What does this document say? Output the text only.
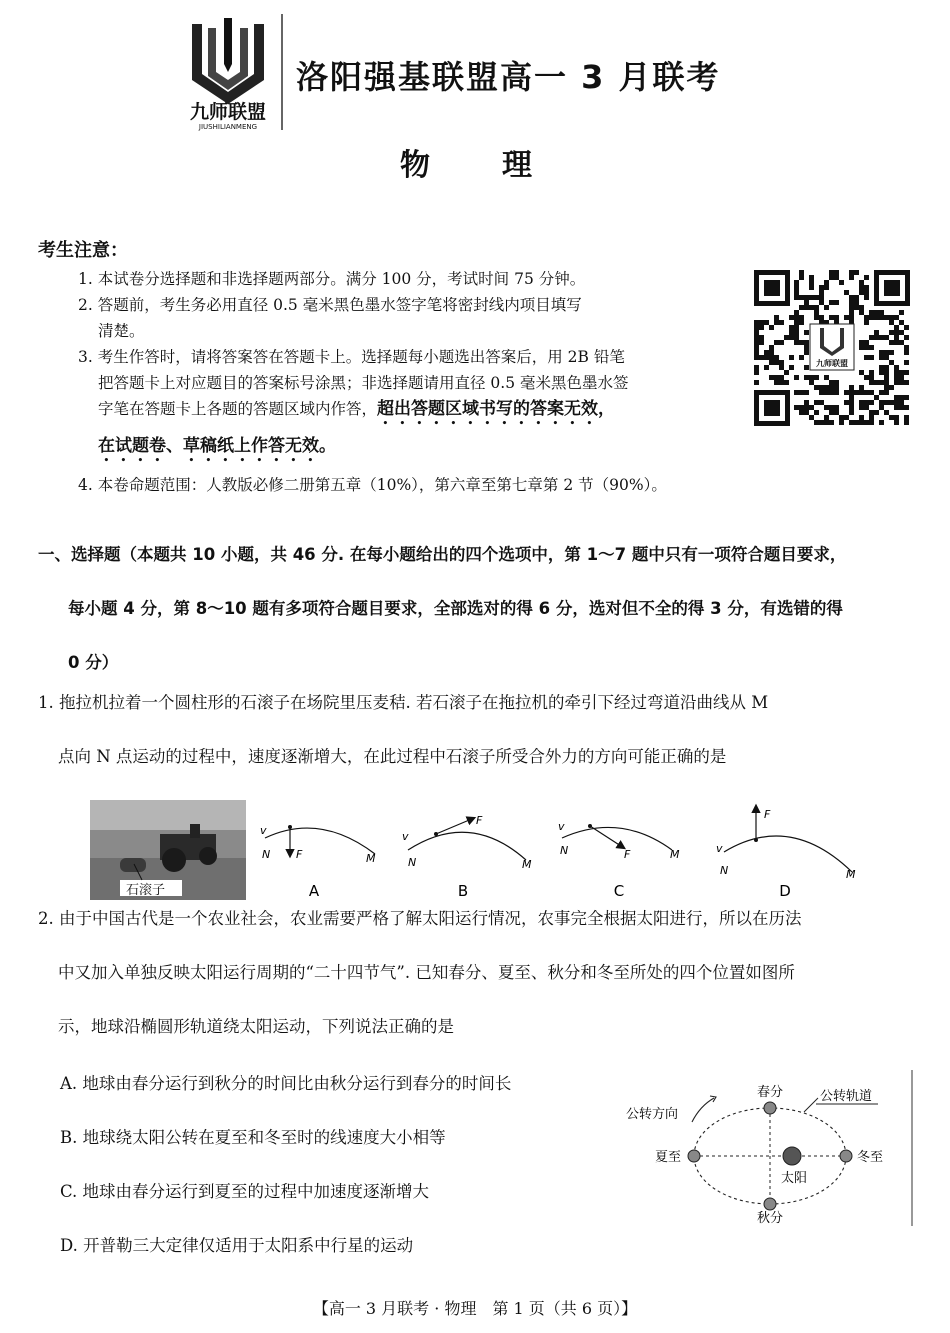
九师联盟
JIUSHILIANMENG
洛阳强基联盟高一 3 月联考
物理
考生注意：

1. 本试卷分选择题和非选择题两部分。满分 100 分，考试时间 75 分钟。

2. 答题前，考生务必用直径 0.5 毫米黑色墨水签字笔将密封线内项目填写

清楚。

3. 考生作答时，请将答案答在答题卡上。选择题每小题选出答案后，用 2B 铅笔

把答题卡上对应题目的答案标号涂黑；非选择题请用直径 0.5 毫米黑色墨水签

字笔在答题卡上各题的答题区域内作答，超出答题区域书写的答案无效，

在试题卷、草稿纸上作答无效。

4. 本卷命题范围：人教版必修二册第五章（10%），第六章至第七章第 2 节（90%）。

九师联盟
一、选择题（本题共 10 小题，共 46 分. 在每小题给出的四个选项中，第 1～7 题中只有一项符合题目要求，
每小题 4 分，第 8～10 题有多项符合题目要求，全部选对的得 6 分，选对但不全的得 3 分，有选错的得
0 分）

1. 拖拉机拉着一个圆柱形的石滚子在场院里压麦秸. 若石滚子在拖拉机的牵引下经过弯道沿曲线从 M

点向 N 点运动的过程中，速度逐渐增大，在此过程中石滚子所受合外力的方向可能正确的是

石滚子
v
N F	M
A
v
N
F
M
B
v
N	F	M
C
v
N
F
M
D

2. 由于中国古代是一个农业社会，农业需要严格了解太阳运行情况，农事完全根据太阳进行，所以在历法

中又加入单独反映太阳运行周期的“二十四节气”. 已知春分、夏至、秋分和冬至所处的四个位置如图所

示，地球沿椭圆形轨道绕太阳运动，下列说法正确的是

A. 地球由春分运行到秋分的时间比由秋分运行到春分的时间长
B. 地球绕太阳公转在夏至和冬至时的线速度大小相等
C. 地球由春分运行到夏至的过程中加速度逐渐增大
D. 开普勒三大定律仅适用于太阳系中行星的运动
春分
夏至
秋分
冬至
太阳
公转轨道
公转方向
【高一 3 月联考 · 物理　第 1 页（共 6 页）】
